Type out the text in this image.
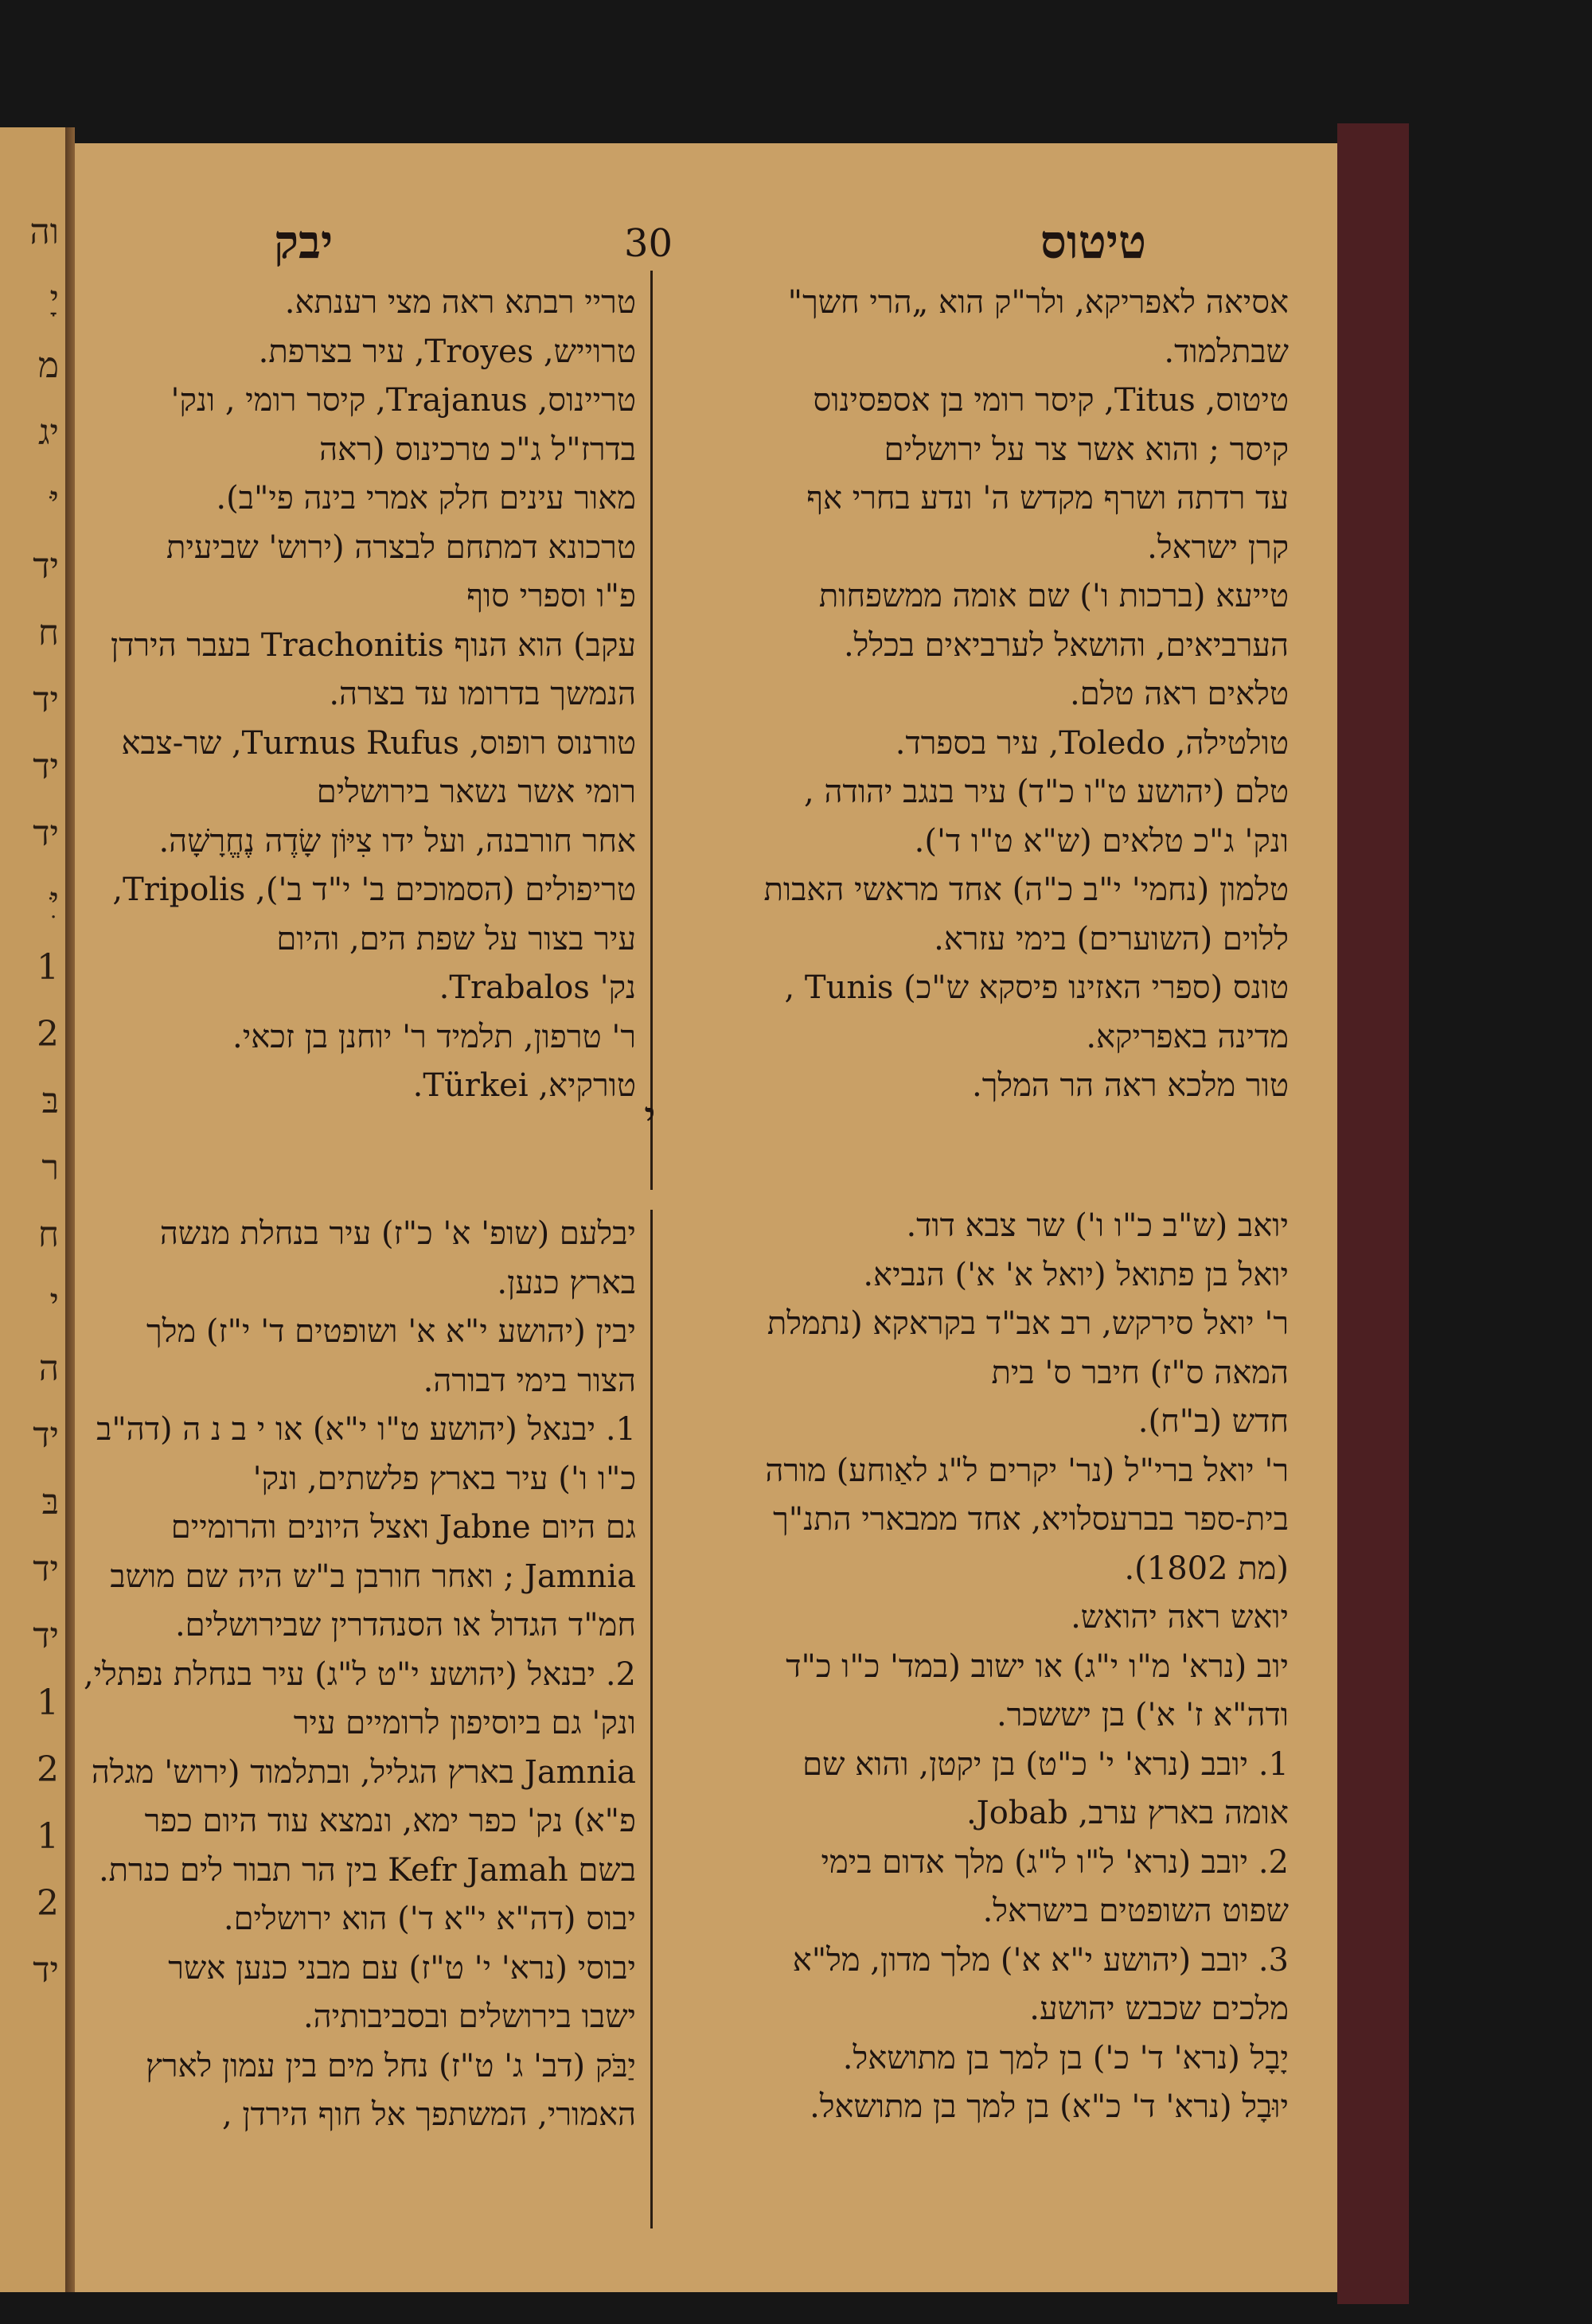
וה
יָ
מ
יג
יּ
יד
ח
יד
יד
יד
יִּ
1
2
בּ
ר
ח
י
ה
יד
בּ
יד
יד
1
2
1
2
יד
יבק	30	טיטוס
אסיאה לאפריקא, ולר"ק הוא „הרי חשך"
שבתלמוד.
טיטוס, Titus, קיסר רומי בן אספסינוס
קיסר ; והוא אשר צר על ירושלים
עד רדתה ושרף מקדש ה' ונדע בחרי אף
קרן ישראל.
טייעא (ברכות ו') שם אומה ממשפחות
הערביאים, והושאל לערביאים בכלל.
טלאים ראה טלם.
טולטילה, Toledo, עיר בספרד.
טלם (יהושע ט"ו כ"ד) עיר בנגב יהודה ,
ונק' ג"כ טלאים (ש"א ט"ו ד').
טלמון (נחמי' י"ב כ"ה) אחד מראשי האבות
ללוים (השוערים) בימי עזרא.
טונס (ספרי האזינו פיסקא ש"כ) Tunis ,
מדינה באפריקא.
טור מלכא ראה הר המלך.
טריי רבתא ראה מצי רענתא.
טרוייש, Troyes, עיר בצרפת.
טריינוס, Trajanus, קיסר רומי , ונק'
בדרז"ל ג"כ טרכינוס (ראה
מאור עינים חלק אמרי בינה פי"ב).
טרכונא דמתחם לבצרה (ירוש' שביעית
פ"ו וספרי סוף
עקב) הוא הנוף Trachonitis בעבר הירדן
הנמשך בדרומו עד בצרה.
טורנוס רופוס, Turnus Rufus, שר-צבא
רומי אשר נשאר בירושלים
אחר חורבנה, ועל ידו צִיּוֹן שָׂדֶה נֶחֱרָשָׁה.
טריפולים (הסמוכים ב' י"ד ב'), Tripolis,
עיר בצור על שפת הים, והיום
נק' Trabalos.
ר' טרפון, תלמיד ר' יוחנן בן זכאי.
טורקיא, Türkei.
י
יואב (ש"ב כ"ו ו') שר צבא דוד.
יואל בן פתואל (יואל א' א') הנביא.
ר' יואל סירקש, רב אב"ד בקראקא (נתמלת
המאה ס"ז) חיבר ס' בית
חדש (ב"ח).
ר' יואל ברי"ל (נר' יקרים ל"ג לאַוחע) מורה
בית-ספר בברעסלויא, אחד ממבארי התנ"ך
(מת 1802).
יואש ראה יהואש.
יוב (נרא' מ"ו י"ג) או ישוב (במד' כ"ו כ"ד
ודה"א ז' א') בן יששכר.
1. יובב (נרא' י' כ"ט) בן יקטן, והוא שם
אומה בארץ ערב, Jobab.
2. יובב (נרא' ל"ו ל"ג) מלך אדום בימי
שפוט השופטים בישראל.
3. יובב (יהושע י"א א') מלך מדון, מל"א
מלכים שכבש יהושע.
יָבָל (נרא' ד' כ') בן למך בן מתושאל.
יוּבָל (נרא' ד' כ"א) בן למך בן מתושאל.
יבלעם (שופ' א' כ"ז) עיר בנחלת מנשה
בארץ כנען.
יבין (יהושע י"א א' ושופטים ד' י"ז) מלך
הצור בימי דבורה.
1. יבנאל (יהושע ט"ו י"א) או י ב נ ה (דה"ב
כ"ו ו') עיר בארץ פלשתים, ונק'
גם היום Jabne ואצל היונים והרומיים
Jamnia ; ואחר חורבן ב"ש היה שם מושב
חמ"ד הגדול או הסנהדרין שבירושלים.
2. יבנאל (יהושע י"ט ל"ג) עיר בנחלת נפתלי,
ונק' גם ביוסיפון לרומיים עיר
Jamnia בארץ הגליל, ובתלמוד (ירוש' מגלה
פ"א) נק' כפר ימא, ונמצא עוד היום כפר
בשם Kefr Jamah בין הר תבור לים כנרת.
יבוס (דה"א י"א ד') הוא ירושלים.
יבוסי (נרא' י' ט"ז) עם מבני כנען אשר
ישבו בירושלים ובסביבותיה.
יַבֹּק (דב' ג' ט"ז) נחל מים בין עמון לארץ
האמורי, המשתפך אל חוף הירדן ,
